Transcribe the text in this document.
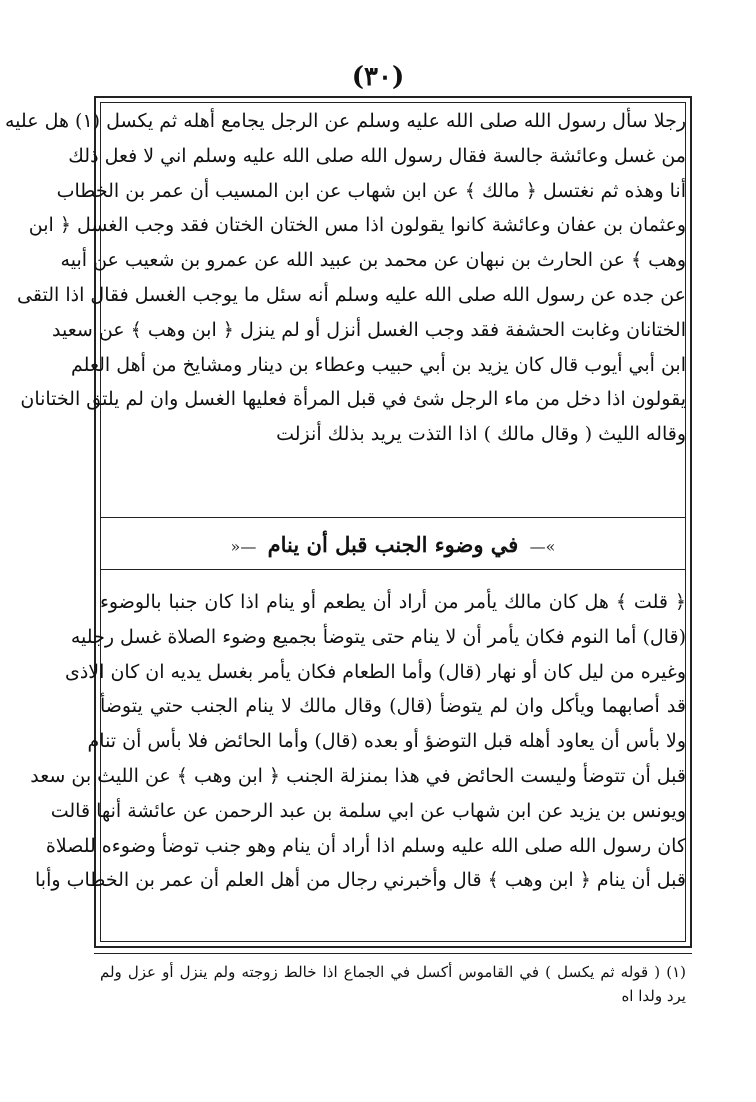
(٣٠)
رجلا سأل رسول الله صلى الله عليه وسلم عن الرجل يجامع أهله ثم يكسل (١) هل عليه
من غسل وعائشة جالسة فقال رسول الله صلى الله عليه وسلم اني لا فعل ذلك
أنا وهذه ثم نغتسل ﴿ مالك ﴾ عن ابن شهاب عن ابن المسيب أن عمر بن الخطاب
وعثمان بن عفان وعائشة كانوا يقولون اذا مس الختان الختان فقد وجب الغسل ﴿ ابن
وهب ﴾ عن الحارث بن نبهان عن محمد بن عبيد الله عن عمرو بن شعيب عن أبيه
عن جده عن رسول الله صلى الله عليه وسلم أنه سئل ما يوجب الغسل فقال اذا التقى
الختانان وغابت الحشفة فقد وجب الغسل أنزل أو لم ينزل ﴿ ابن وهب ﴾ عن سعيد
ابن أبي أيوب قال كان يزيد بن أبي حبيب وعطاء بن دينار ومشايخ من أهل العلم
يقولون اذا دخل من ماء الرجل شئ في قبل المرأة فعليها الغسل وان لم يلتق الختانان
وقاله الليث ( وقال مالك ) اذا التذت يريد بذلك أنزلت
»— في وضوء الجنب قبل أن ينام —«
﴿ قلت ﴾ هل كان مالك يأمر من أراد أن يطعم أو ينام اذا كان جنبا بالوضوء
(قال) أما النوم فكان يأمر أن لا ينام حتى يتوضأ بجميع وضوء الصلاة غسل رجليه
وغيره من ليل كان أو نهار (قال) وأما الطعام فكان يأمر بغسل يديه ان كان الاذى
قد أصابهما ويأكل وان لم يتوضأ (قال) وقال مالك لا ينام الجنب حتي يتوضأ
ولا بأس أن يعاود أهله قبل التوضؤ أو بعده (قال) وأما الحائض فلا بأس أن تنام
قبل أن تتوضأ وليست الحائض في هذا بمنزلة الجنب ﴿ ابن وهب ﴾ عن الليث بن سعد
ويونس بن يزيد عن ابن شهاب عن ابي سلمة بن عبد الرحمن عن عائشة أنها قالت
كان رسول الله صلى الله عليه وسلم اذا أراد أن ينام وهو جنب توضأ وضوءه للصلاة
قبل أن ينام ﴿ ابن وهب ﴾ قال وأخبرني رجال من أهل العلم أن عمر بن الخطاب وأبا
(١) ( قوله ثم يكسل ) في القاموس أكسل في الجماع اذا خالط زوجته ولم ينزل أو عزل ولم
يرد ولدا اه
